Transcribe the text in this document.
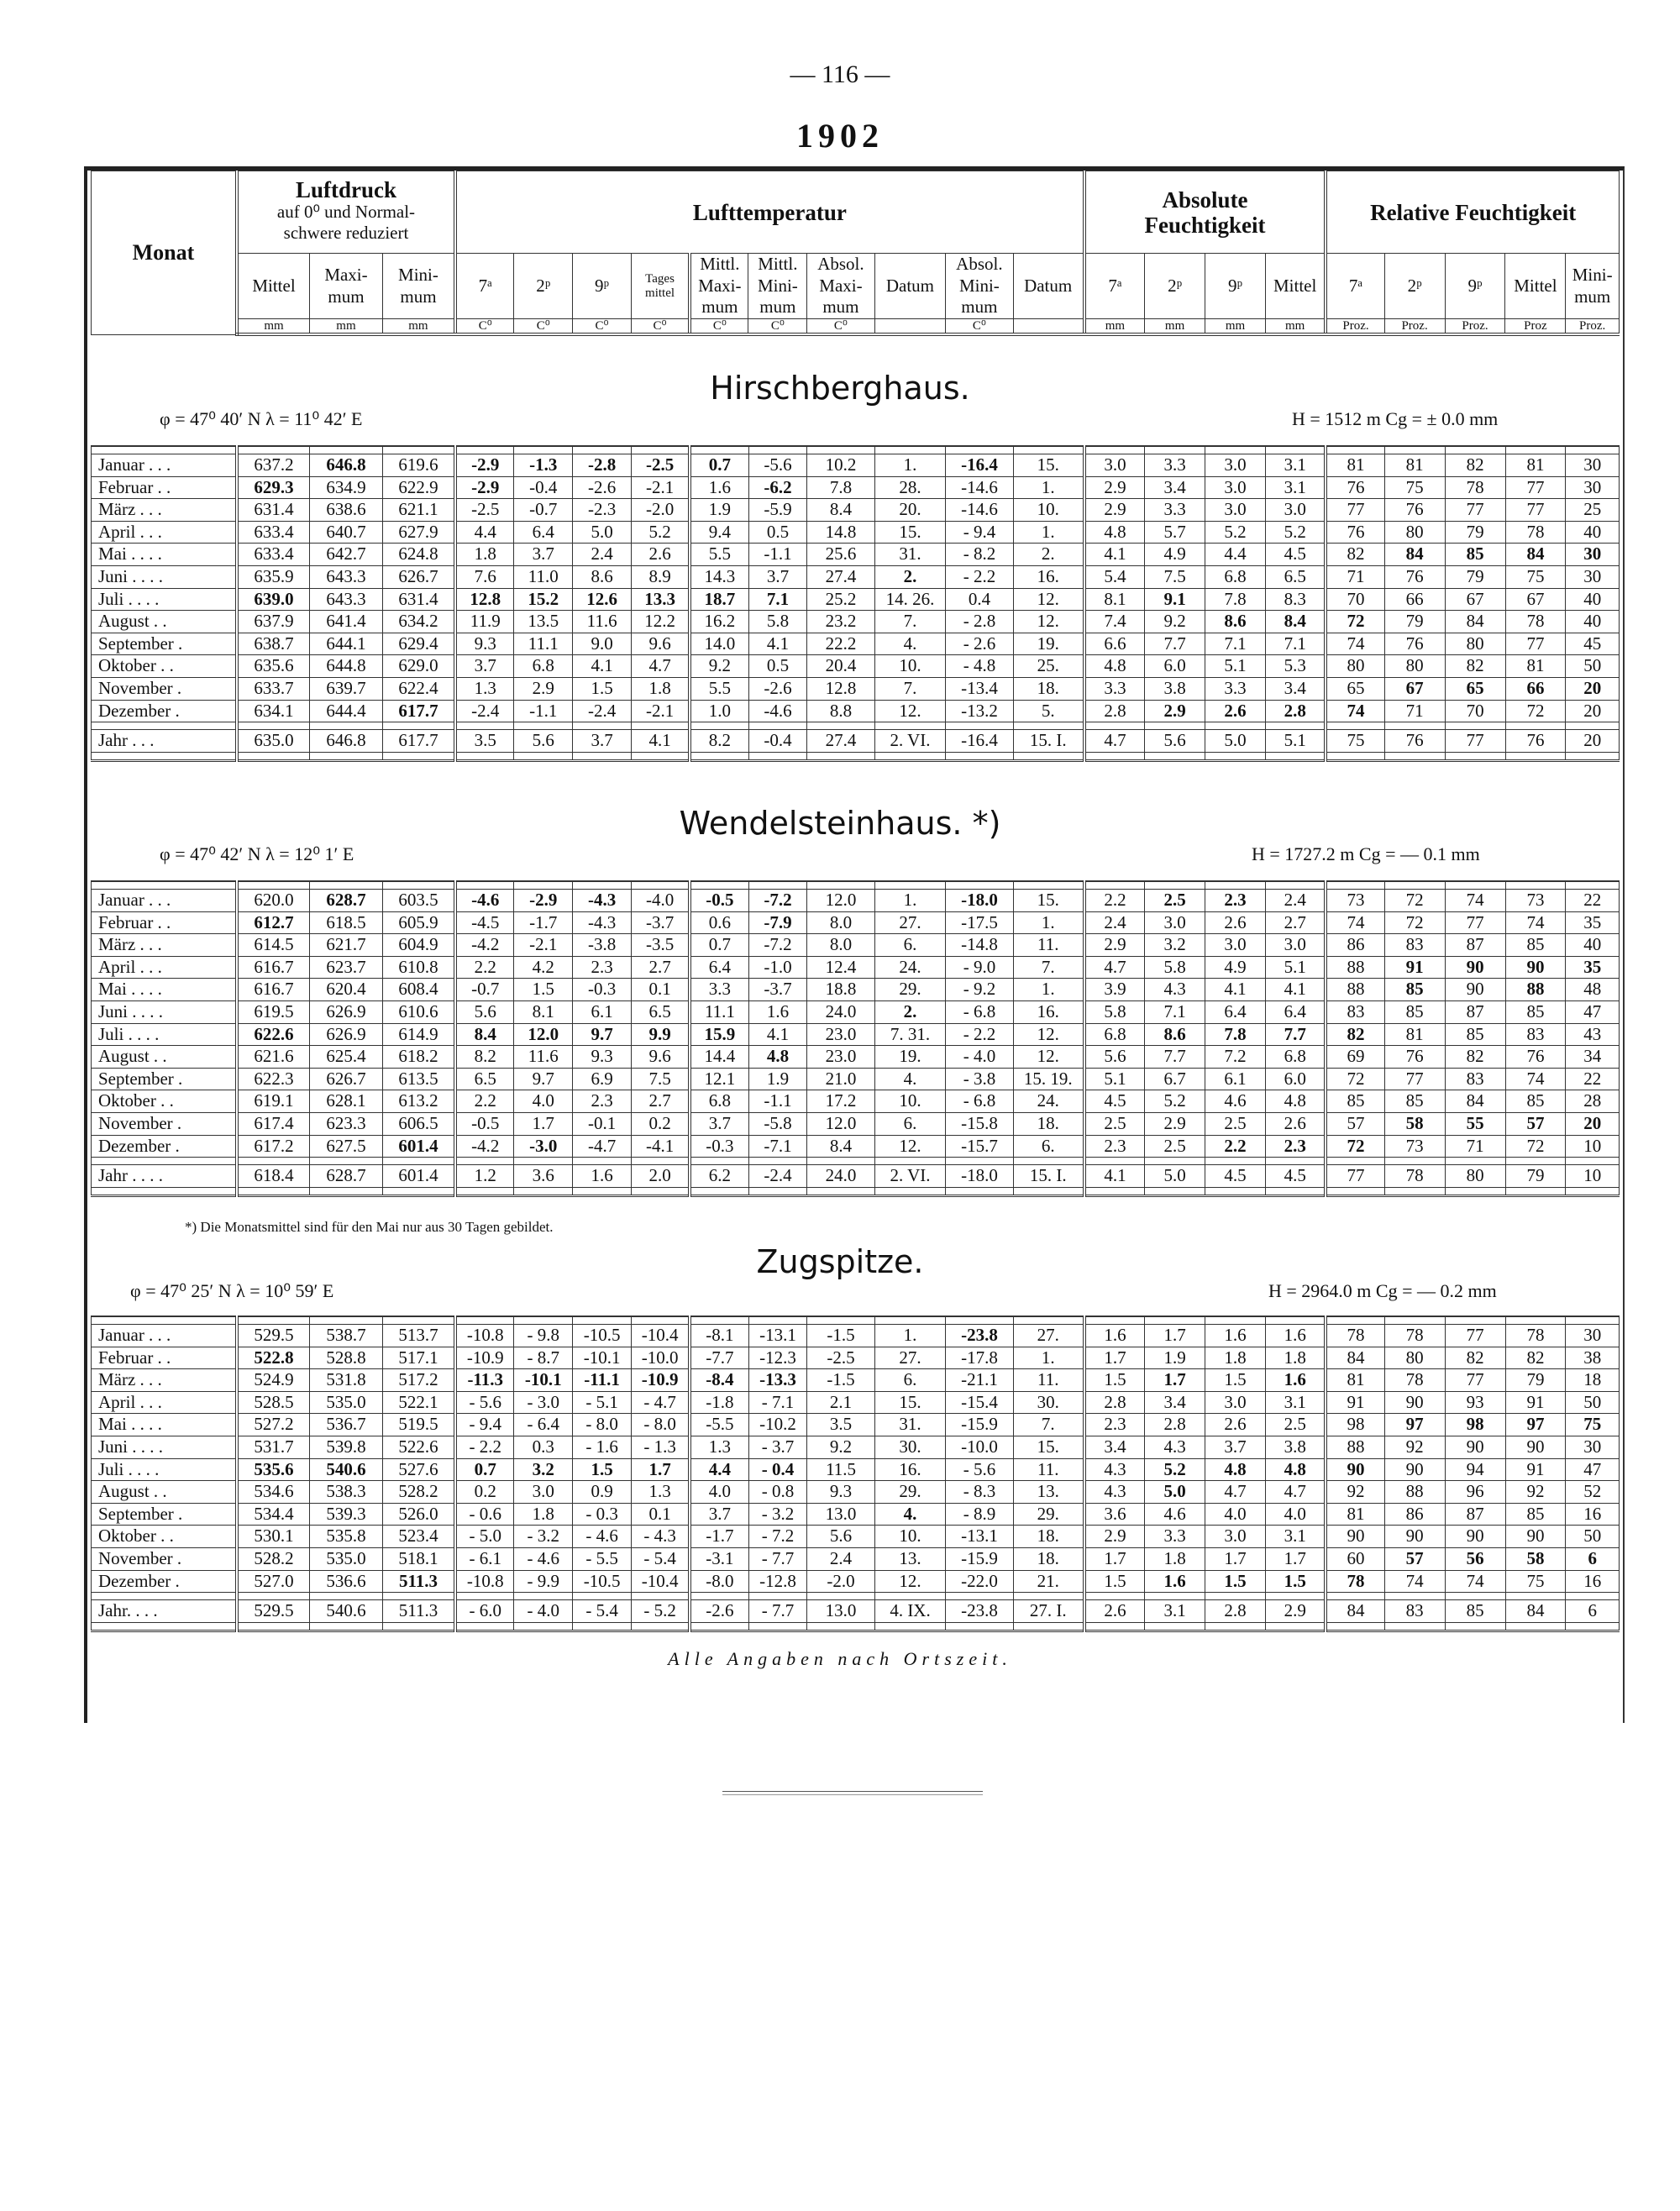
— 116 —
1902
Monat	Luftdruck
auf 0⁰ und Normal-schwere reduziert			Lufttemperatur										Absolute Feuchtigkeit				Relative Feuchtigkeit				
	Mittel	Maxi-mum	Mini-mum	7ᵃ	2ᵖ	9ᵖ	Tages mittel	Mittl. Maxi-mum	Mittl. Mini-mum	Absol. Maxi-mum	Datum	Absol. Mini-mum	Datum	7ᵃ	2ᵖ	9ᵖ	Mittel	7ᵃ	2ᵖ	9ᵖ	Mittel	Mini-mum
	mm	mm	mm	C⁰	C⁰	C⁰	C⁰	C⁰	C⁰	C⁰		C⁰		mm	mm	mm	mm	Proz.	Proz.	Proz.	Proz	Proz.
Hirschberghaus.
φ = 47⁰ 40′ N λ = 11⁰ 42′ E	H = 1512 m Cg = ± 0.0 mm

Januar . . .	637.2	646.8	619.6	-2.9	-1.3	-2.8	-2.5	0.7	-5.6	10.2	1.	-16.4	15.	3.0	3.3	3.0	3.1	81	81	82	81	30
Februar . .	629.3	634.9	622.9	-2.9	-0.4	-2.6	-2.1	1.6	-6.2	7.8	28.	-14.6	1.	2.9	3.4	3.0	3.1	76	75	78	77	30
März . . .	631.4	638.6	621.1	-2.5	-0.7	-2.3	-2.0	1.9	-5.9	8.4	20.	-14.6	10.	2.9	3.3	3.0	3.0	77	76	77	77	25
April . . .	633.4	640.7	627.9	4.4	6.4	5.0	5.2	9.4	0.5	14.8	15.	- 9.4	1.	4.8	5.7	5.2	5.2	76	80	79	78	40
Mai . . . .	633.4	642.7	624.8	1.8	3.7	2.4	2.6	5.5	-1.1	25.6	31.	- 8.2	2.	4.1	4.9	4.4	4.5	82	84	85	84	30
Juni . . . .	635.9	643.3	626.7	7.6	11.0	8.6	8.9	14.3	3.7	27.4	2.	- 2.2	16.	5.4	7.5	6.8	6.5	71	76	79	75	30
Juli . . . .	639.0	643.3	631.4	12.8	15.2	12.6	13.3	18.7	7.1	25.2	14. 26.	0.4	12.	8.1	9.1	7.8	8.3	70	66	67	67	40
August . .	637.9	641.4	634.2	11.9	13.5	11.6	12.2	16.2	5.8	23.2	7.	- 2.8	12.	7.4	9.2	8.6	8.4	72	79	84	78	40
September .	638.7	644.1	629.4	9.3	11.1	9.0	9.6	14.0	4.1	22.2	4.	- 2.6	19.	6.6	7.7	7.1	7.1	74	76	80	77	45
Oktober . .	635.6	644.8	629.0	3.7	6.8	4.1	4.7	9.2	0.5	20.4	10.	- 4.8	25.	4.8	6.0	5.1	5.3	80	80	82	81	50
November .	633.7	639.7	622.4	1.3	2.9	1.5	1.8	5.5	-2.6	12.8	7.	-13.4	18.	3.3	3.8	3.3	3.4	65	67	65	66	20
Dezember .	634.1	644.4	617.7	-2.4	-1.1	-2.4	-2.1	1.0	-4.6	8.8	12.	-13.2	5.	2.8	2.9	2.6	2.8	74	71	70	72	20

Jahr . . .	635.0	646.8	617.7	3.5	5.6	3.7	4.1	8.2	-0.4	27.4	2. VI.	-16.4	15. I.	4.7	5.6	5.0	5.1	75	76	77	76	20

Wendelsteinhaus. *)
φ = 47⁰ 42′ N λ = 12⁰ 1′ E	H = 1727.2 m Cg = — 0.1 mm

Januar . . .	620.0	628.7	603.5	-4.6	-2.9	-4.3	-4.0	-0.5	-7.2	12.0	1.	-18.0	15.	2.2	2.5	2.3	2.4	73	72	74	73	22
Februar . .	612.7	618.5	605.9	-4.5	-1.7	-4.3	-3.7	0.6	-7.9	8.0	27.	-17.5	1.	2.4	3.0	2.6	2.7	74	72	77	74	35
März . . .	614.5	621.7	604.9	-4.2	-2.1	-3.8	-3.5	0.7	-7.2	8.0	6.	-14.8	11.	2.9	3.2	3.0	3.0	86	83	87	85	40
April . . .	616.7	623.7	610.8	2.2	4.2	2.3	2.7	6.4	-1.0	12.4	24.	- 9.0	7.	4.7	5.8	4.9	5.1	88	91	90	90	35
Mai . . . .	616.7	620.4	608.4	-0.7	1.5	-0.3	0.1	3.3	-3.7	18.8	29.	- 9.2	1.	3.9	4.3	4.1	4.1	88	85	90	88	48
Juni . . . .	619.5	626.9	610.6	5.6	8.1	6.1	6.5	11.1	1.6	24.0	2.	- 6.8	16.	5.8	7.1	6.4	6.4	83	85	87	85	47
Juli . . . .	622.6	626.9	614.9	8.4	12.0	9.7	9.9	15.9	4.1	23.0	7. 31.	- 2.2	12.	6.8	8.6	7.8	7.7	82	81	85	83	43
August . .	621.6	625.4	618.2	8.2	11.6	9.3	9.6	14.4	4.8	23.0	19.	- 4.0	12.	5.6	7.7	7.2	6.8	69	76	82	76	34
September .	622.3	626.7	613.5	6.5	9.7	6.9	7.5	12.1	1.9	21.0	4.	- 3.8	15. 19.	5.1	6.7	6.1	6.0	72	77	83	74	22
Oktober . .	619.1	628.1	613.2	2.2	4.0	2.3	2.7	6.8	-1.1	17.2	10.	- 6.8	24.	4.5	5.2	4.6	4.8	85	85	84	85	28
November .	617.4	623.3	606.5	-0.5	1.7	-0.1	0.2	3.7	-5.8	12.0	6.	-15.8	18.	2.5	2.9	2.5	2.6	57	58	55	57	20
Dezember .	617.2	627.5	601.4	-4.2	-3.0	-4.7	-4.1	-0.3	-7.1	8.4	12.	-15.7	6.	2.3	2.5	2.2	2.3	72	73	71	72	10

Jahr . . . .	618.4	628.7	601.4	1.2	3.6	1.6	2.0	6.2	-2.4	24.0	2. VI.	-18.0	15. I.	4.1	5.0	4.5	4.5	77	78	80	79	10

*) Die Monatsmittel sind für den Mai nur aus 30 Tagen gebildet.
Zugspitze.
φ = 47⁰ 25′ N λ = 10⁰ 59′ E	H = 2964.0 m Cg = — 0.2 mm

Januar . . .	529.5	538.7	513.7	-10.8	- 9.8	-10.5	-10.4	-8.1	-13.1	-1.5	1.	-23.8	27.	1.6	1.7	1.6	1.6	78	78	77	78	30
Februar . .	522.8	528.8	517.1	-10.9	- 8.7	-10.1	-10.0	-7.7	-12.3	-2.5	27.	-17.8	1.	1.7	1.9	1.8	1.8	84	80	82	82	38
März . . .	524.9	531.8	517.2	-11.3	-10.1	-11.1	-10.9	-8.4	-13.3	-1.5	6.	-21.1	11.	1.5	1.7	1.5	1.6	81	78	77	79	18
April . . .	528.5	535.0	522.1	- 5.6	- 3.0	- 5.1	- 4.7	-1.8	- 7.1	2.1	15.	-15.4	30.	2.8	3.4	3.0	3.1	91	90	93	91	50
Mai . . . .	527.2	536.7	519.5	- 9.4	- 6.4	- 8.0	- 8.0	-5.5	-10.2	3.5	31.	-15.9	7.	2.3	2.8	2.6	2.5	98	97	98	97	75
Juni . . . .	531.7	539.8	522.6	- 2.2	0.3	- 1.6	- 1.3	1.3	- 3.7	9.2	30.	-10.0	15.	3.4	4.3	3.7	3.8	88	92	90	90	30
Juli . . . .	535.6	540.6	527.6	0.7	3.2	1.5	1.7	4.4	- 0.4	11.5	16.	- 5.6	11.	4.3	5.2	4.8	4.8	90	90	94	91	47
August . .	534.6	538.3	528.2	0.2	3.0	0.9	1.3	4.0	- 0.8	9.3	29.	- 8.3	13.	4.3	5.0	4.7	4.7	92	88	96	92	52
September .	534.4	539.3	526.0	- 0.6	1.8	- 0.3	0.1	3.7	- 3.2	13.0	4.	- 8.9	29.	3.6	4.6	4.0	4.0	81	86	87	85	16
Oktober . .	530.1	535.8	523.4	- 5.0	- 3.2	- 4.6	- 4.3	-1.7	- 7.2	5.6	10.	-13.1	18.	2.9	3.3	3.0	3.1	90	90	90	90	50
November .	528.2	535.0	518.1	- 6.1	- 4.6	- 5.5	- 5.4	-3.1	- 7.7	2.4	13.	-15.9	18.	1.7	1.8	1.7	1.7	60	57	56	58	6
Dezember .	527.0	536.6	511.3	-10.8	- 9.9	-10.5	-10.4	-8.0	-12.8	-2.0	12.	-22.0	21.	1.5	1.6	1.5	1.5	78	74	74	75	16

Jahr. . . .	529.5	540.6	511.3	- 6.0	- 4.0	- 5.4	- 5.2	-2.6	- 7.7	13.0	4. IX.	-23.8	27. I.	2.6	3.1	2.8	2.9	84	83	85	84	6

Alle Angaben nach Ortszeit.
